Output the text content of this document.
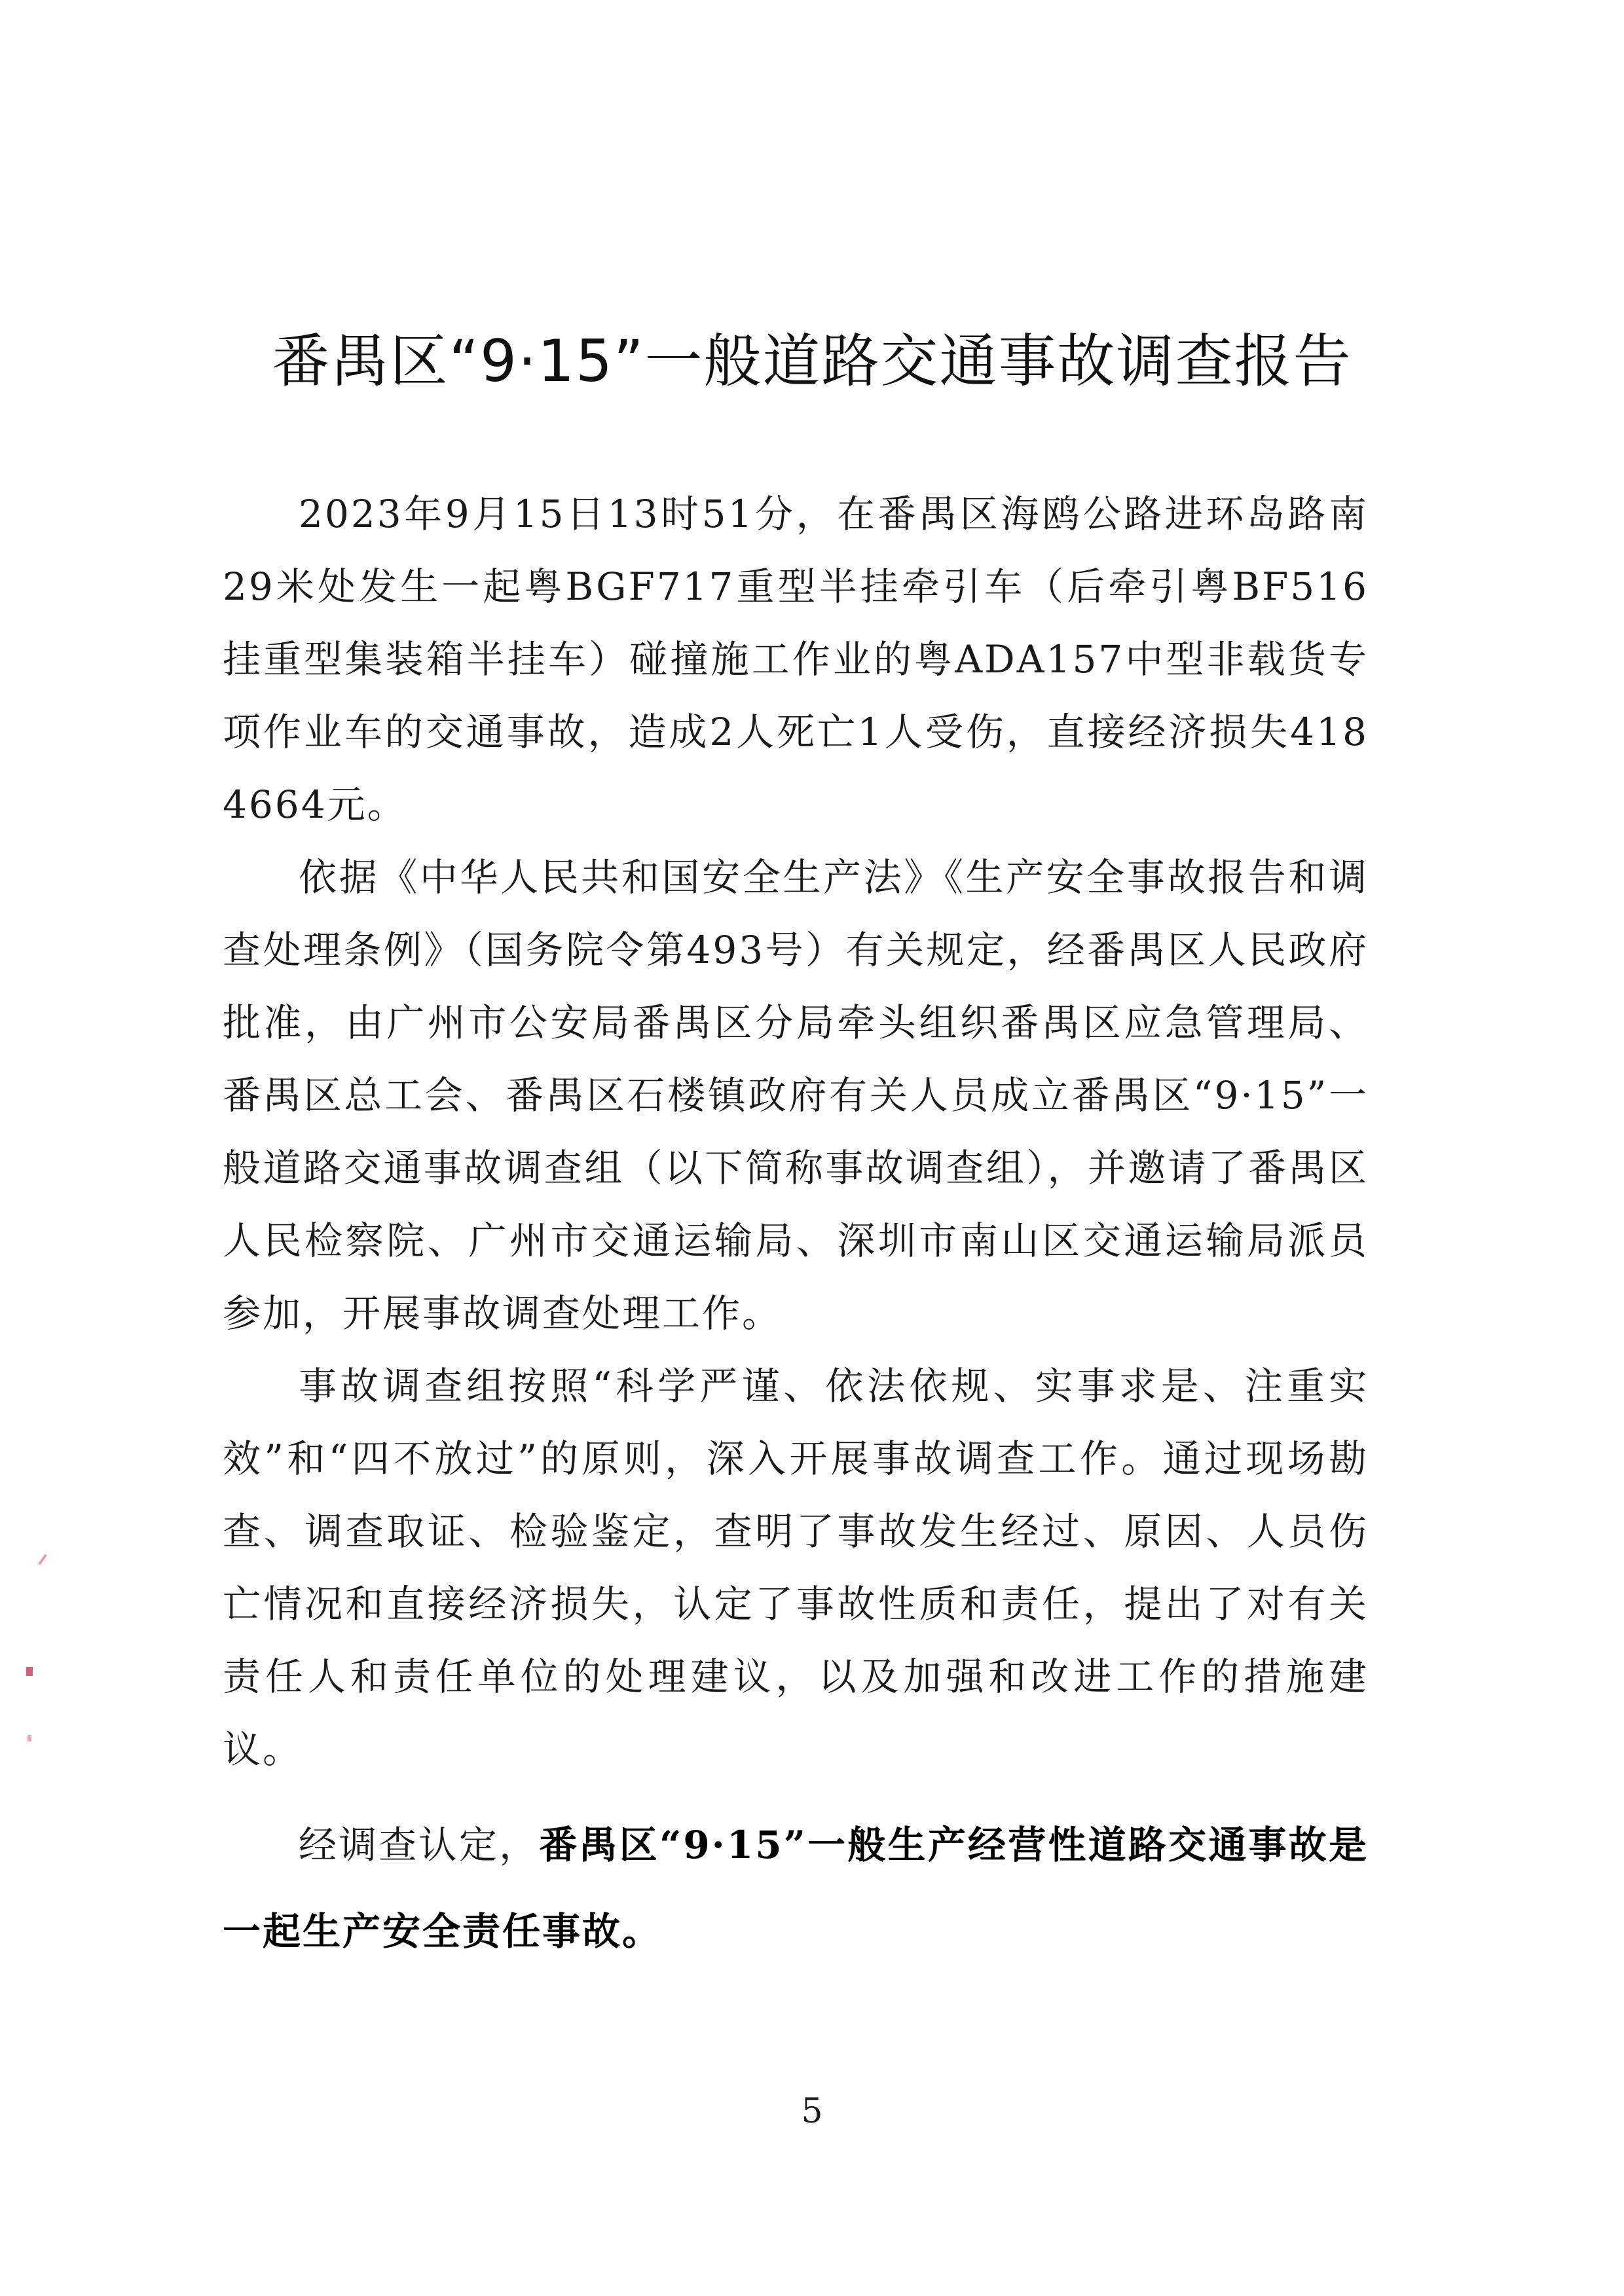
番禺区“9·15”一般道路交通事故调查报告

2023年9月15日13时51分，在番禺区海鸥公路进环岛路南29米处发生一起粤BGF717重型半挂牵引车（后牵引粤BF516挂重型集装箱半挂车）碰撞施工作业的粤ADA157中型非载货专项作业车的交通事故，造成2人死亡1人受伤，直接经济损失4184664元。

依据《中华人民共和国安全生产法》《生产安全事故报告和调查处理条例》（国务院令第493号）有关规定，经番禺区人民政府批准，由广州市公安局番禺区分局牵头组织番禺区应急管理局、番禺区总工会、番禺区石楼镇政府有关人员成立番禺区“9·15”一般道路交通事故调查组（以下简称事故调查组），并邀请了番禺区人民检察院、广州市交通运输局、深圳市南山区交通运输局派员参加，开展事故调查处理工作。

事故调查组按照“科学严谨、依法依规、实事求是、注重实效”和“四不放过”的原则，深入开展事故调查工作。通过现场勘查、调查取证、检验鉴定，查明了事故发生经过、原因、人员伤亡情况和直接经济损失，认定了事故性质和责任，提出了对有关责任人和责任单位的处理建议，以及加强和改进工作的措施建议。

经调查认定，番禺区“9·15”一般生产经营性道路交通事故是一起生产安全责任事故。

5
